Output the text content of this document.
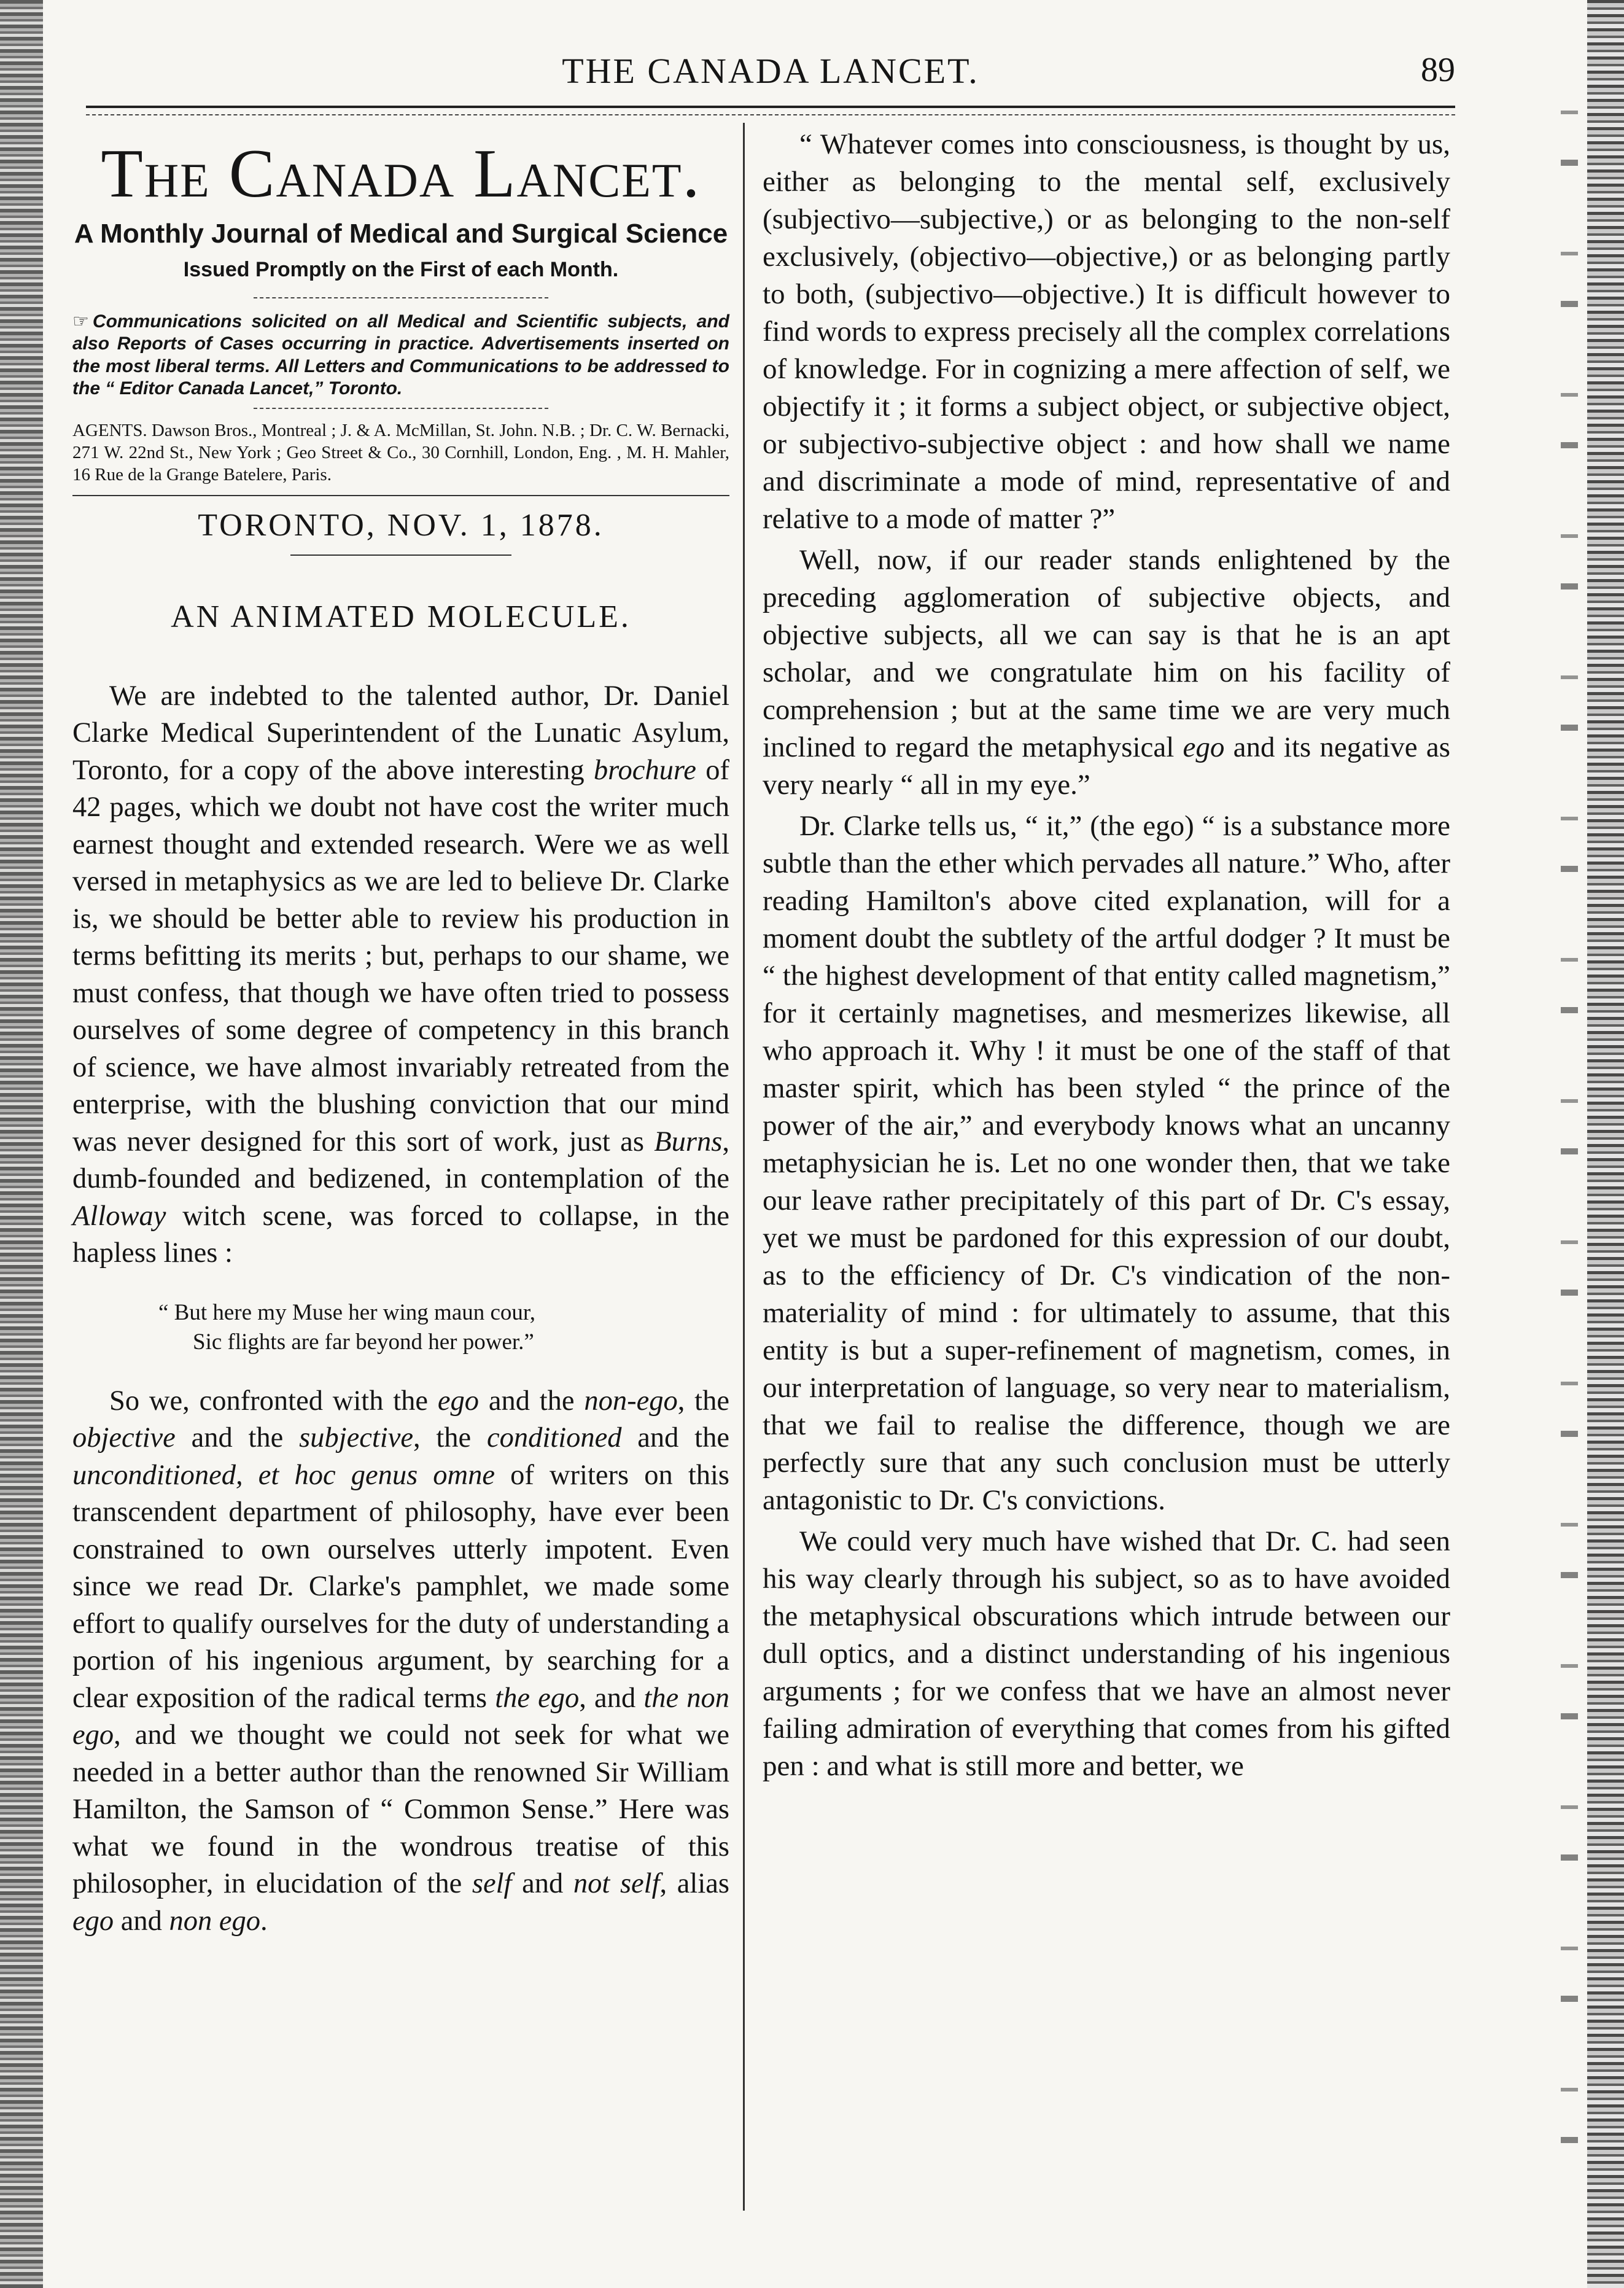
THE CANADA LANCET.	89
The Canada Lancet.
A Monthly Journal of Medical and Surgical Science
Issued Promptly on the First of each Month.
☞ Communications solicited on all Medical and Scientific subjects, and also Reports of Cases occurring in practice. Advertisements inserted on the most liberal terms. All Letters and Communications to be addressed to the “ Editor Canada Lancet,” Toronto.
AGENTS. Dawson Bros., Montreal ; J. & A. McMillan, St. John. N.B. ; Dr. C. W. Bernacki, 271 W. 22nd St., New York ; Geo Street & Co., 30 Cornhill, London, Eng. , M. H. Mahler, 16 Rue de la Grange Batelere, Paris.
TORONTO, NOV. 1, 1878.
AN ANIMATED MOLECULE.

We are indebted to the talented author, Dr. Daniel Clarke Medical Superintendent of the Lunatic Asylum, Toronto, for a copy of the above interesting brochure of 42 pages, which we doubt not have cost the writer much earnest thought and extended research. Were we as well versed in metaphysics as we are led to believe Dr. Clarke is, we should be better able to review his production in terms befitting its merits ; but, perhaps to our shame, we must confess, that though we have often tried to possess ourselves of some degree of competency in this branch of science, we have almost invariably retreated from the enterprise, with the blushing conviction that our mind was never designed for this sort of work, just as Burns, dumb-founded and bedizened, in contemplation of the Alloway witch scene, was forced to collapse, in the hapless lines :

“ But here my Muse her wing maun cour,
Sic flights are far beyond her power.”

So we, confronted with the ego and the non-ego, the objective and the subjective, the conditioned and the unconditioned, et hoc genus omne of writers on this transcendent department of philosophy, have ever been constrained to own ourselves utterly impotent. Even since we read Dr. Clarke's pamphlet, we made some effort to qualify ourselves for the duty of understanding a portion of his ingenious argument, by searching for a clear exposition of the radical terms the ego, and the non ego, and we thought we could not seek for what we needed in a better author than the renowned Sir William Hamilton, the Samson of “ Common Sense.” Here was what we found in the wondrous treatise of this philosopher, in elucidation of the self and not self, alias ego and non ego.

“ Whatever comes into consciousness, is thought by us, either as belonging to the mental self, exclusively (subjectivo—subjective,) or as belonging to the non-self exclusively, (objectivo—objective,) or as belonging partly to both, (subjectivo—objective.) It is difficult however to find words to express precisely all the complex correlations of knowledge. For in cognizing a mere affection of self, we objectify it ; it forms a subject object, or subjective object, or subjectivo-subjective object : and how shall we name and discriminate a mode of mind, representative of and relative to a mode of matter ?”

Well, now, if our reader stands enlightened by the preceding agglomeration of subjective objects, and objective subjects, all we can say is that he is an apt scholar, and we congratulate him on his facility of comprehension ; but at the same time we are very much inclined to regard the metaphysical ego and its negative as very nearly “ all in my eye.”

Dr. Clarke tells us, “ it,” (the ego) “ is a substance more subtle than the ether which pervades all nature.” Who, after reading Hamilton's above cited explanation, will for a moment doubt the subtlety of the artful dodger ? It must be “ the highest development of that entity called magnetism,” for it certainly magnetises, and mesmerizes likewise, all who approach it. Why ! it must be one of the staff of that master spirit, which has been styled “ the prince of the power of the air,” and everybody knows what an uncanny metaphysician he is. Let no one wonder then, that we take our leave rather precipitately of this part of Dr. C's essay, yet we must be pardoned for this expression of our doubt, as to the efficiency of Dr. C's vindication of the non-materiality of mind : for ultimately to assume, that this entity is but a super-refinement of magnetism, comes, in our interpretation of language, so very near to materialism, that we fail to realise the difference, though we are perfectly sure that any such conclusion must be utterly antagonistic to Dr. C's convictions.

We could very much have wished that Dr. C. had seen his way clearly through his subject, so as to have avoided the metaphysical obscurations which intrude between our dull optics, and a distinct understanding of his ingenious arguments ; for we confess that we have an almost never failing admiration of everything that comes from his gifted pen : and what is still more and better, we
